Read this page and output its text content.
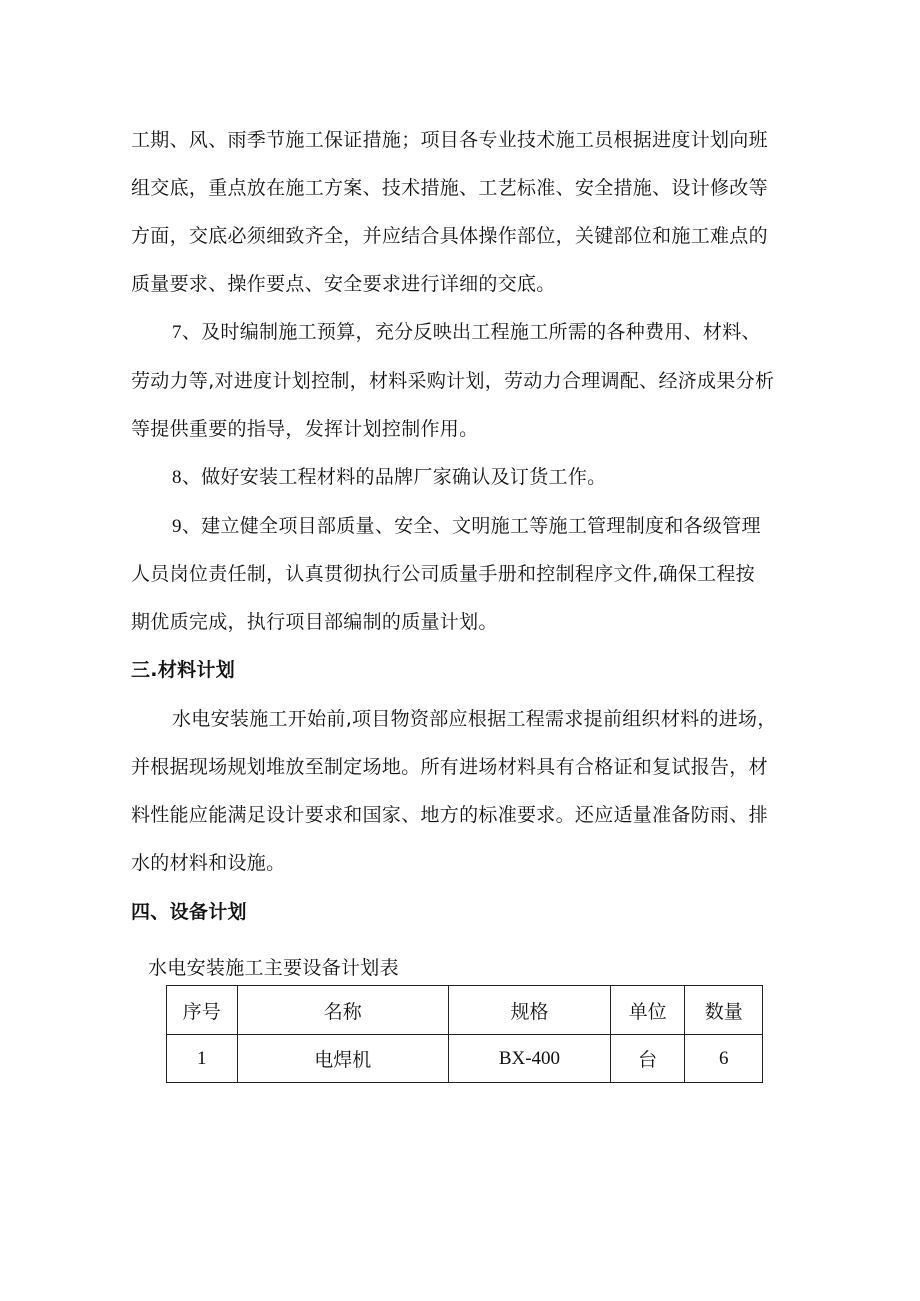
工期、风、雨季节施工保证措施；项目各专业技术施工员根据进度计划向班
组交底，重点放在施工方案、技术措施、工艺标准、安全措施、设计修改等
方面，交底必须细致齐全，并应结合具体操作部位，关键部位和施工难点的
质量要求、操作要点、安全要求进行详细的交底。
7、及时编制施工预算，充分反映出工程施工所需的各种费用、材料、
劳动力等,对进度计划控制，材料采购计划，劳动力合理调配、经济成果分析
等提供重要的指导，发挥计划控制作用。
8、做好安装工程材料的品牌厂家确认及订货工作。
9、建立健全项目部质量、安全、文明施工等施工管理制度和各级管理
人员岗位责任制，认真贯彻执行公司质量手册和控制程序文件,确保工程按
期优质完成，执行项目部编制的质量计划。
三.材料计划
水电安装施工开始前,项目物资部应根据工程需求提前组织材料的进场，
并根据现场规划堆放至制定场地。所有进场材料具有合格证和复试报告，材
料性能应能满足设计要求和国家、地方的标准要求。还应适量准备防雨、排
水的材料和设施。
四、设备计划
水电安装施工主要设备计划表
序号	名称	规格	单位	数量
1	电焊机	BX-400	台	6
